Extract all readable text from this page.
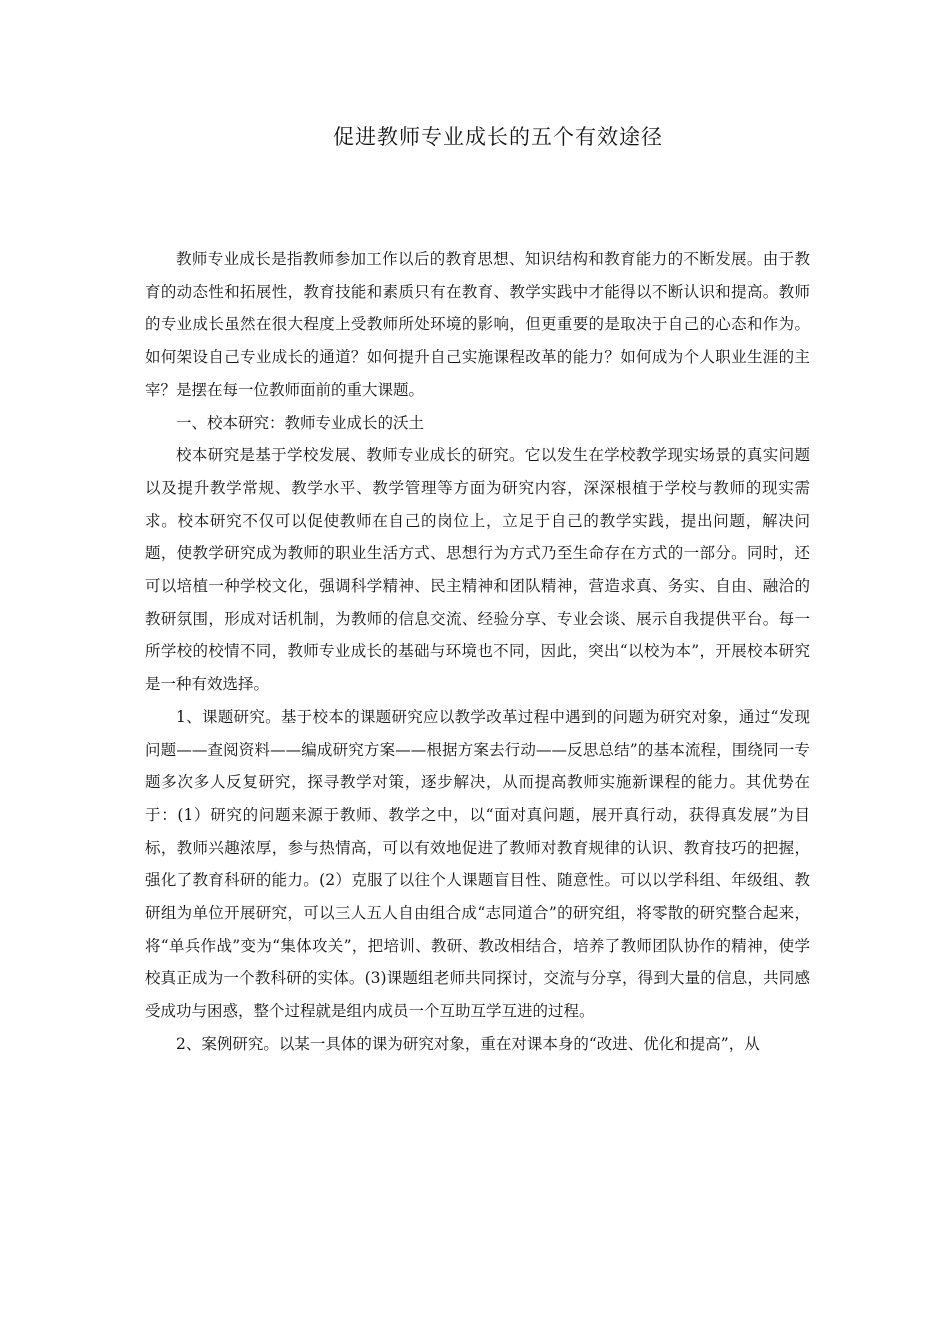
促进教师专业成长的五个有效途径

教师专业成长是指教师参加工作以后的教育思想、知识结构和教育能力的不断发展。由于教育的动态性和拓展性，教育技能和素质只有在教育、教学实践中才能得以不断认识和提高。教师的专业成长虽然在很大程度上受教师所处环境的影响，但更重要的是取决于自己的心态和作为。如何架设自己专业成长的通道？如何提升自己实施课程改革的能力？如何成为个人职业生涯的主宰？是摆在每一位教师面前的重大课题。

一、校本研究：教师专业成长的沃土

校本研究是基于学校发展、教师专业成长的研究。它以发生在学校教学现实场景的真实问题以及提升教学常规、教学水平、教学管理等方面为研究内容，深深根植于学校与教师的现实需求。校本研究不仅可以促使教师在自己的岗位上，立足于自己的教学实践，提出问题，解决问题，使教学研究成为教师的职业生活方式、思想行为方式乃至生命存在方式的一部分。同时，还可以培植一种学校文化，强调科学精神、民主精神和团队精神，营造求真、务实、自由、融洽的教研氛围，形成对话机制，为教师的信息交流、经验分享、专业会谈、展示自我提供平台。每一所学校的校情不同，教师专业成长的基础与环境也不同，因此，突出“以校为本”，开展校本研究是一种有效选择。

1、课题研究。基于校本的课题研究应以教学改革过程中遇到的问题为研究对象，通过“发现问题——查阅资料——编成研究方案——根据方案去行动——反思总结”的基本流程，围绕同一专题多次多人反复研究，探寻教学对策，逐步解决，从而提高教师实施新课程的能力。其优势在于：(1）研究的问题来源于教师、教学之中，以“面对真问题，展开真行动，获得真发展”为目标，教师兴趣浓厚，参与热情高，可以有效地促进了教师对教育规律的认识、教育技巧的把握，强化了教育科研的能力。(2）克服了以往个人课题盲目性、随意性。可以以学科组、年级组、教研组为单位开展研究，可以三人五人自由组合成“志同道合”的研究组，将零散的研究整合起来，将“单兵作战”变为“集体攻关”，把培训、教研、教改相结合，培养了教师团队协作的精神，使学校真正成为一个教科研的实体。(3)课题组老师共同探讨，交流与分享，得到大量的信息，共同感受成功与困惑，整个过程就是组内成员一个互助互学互进的过程。

2、案例研究。以某一具体的课为研究对象，重在对课本身的“改进、优化和提高”，从
